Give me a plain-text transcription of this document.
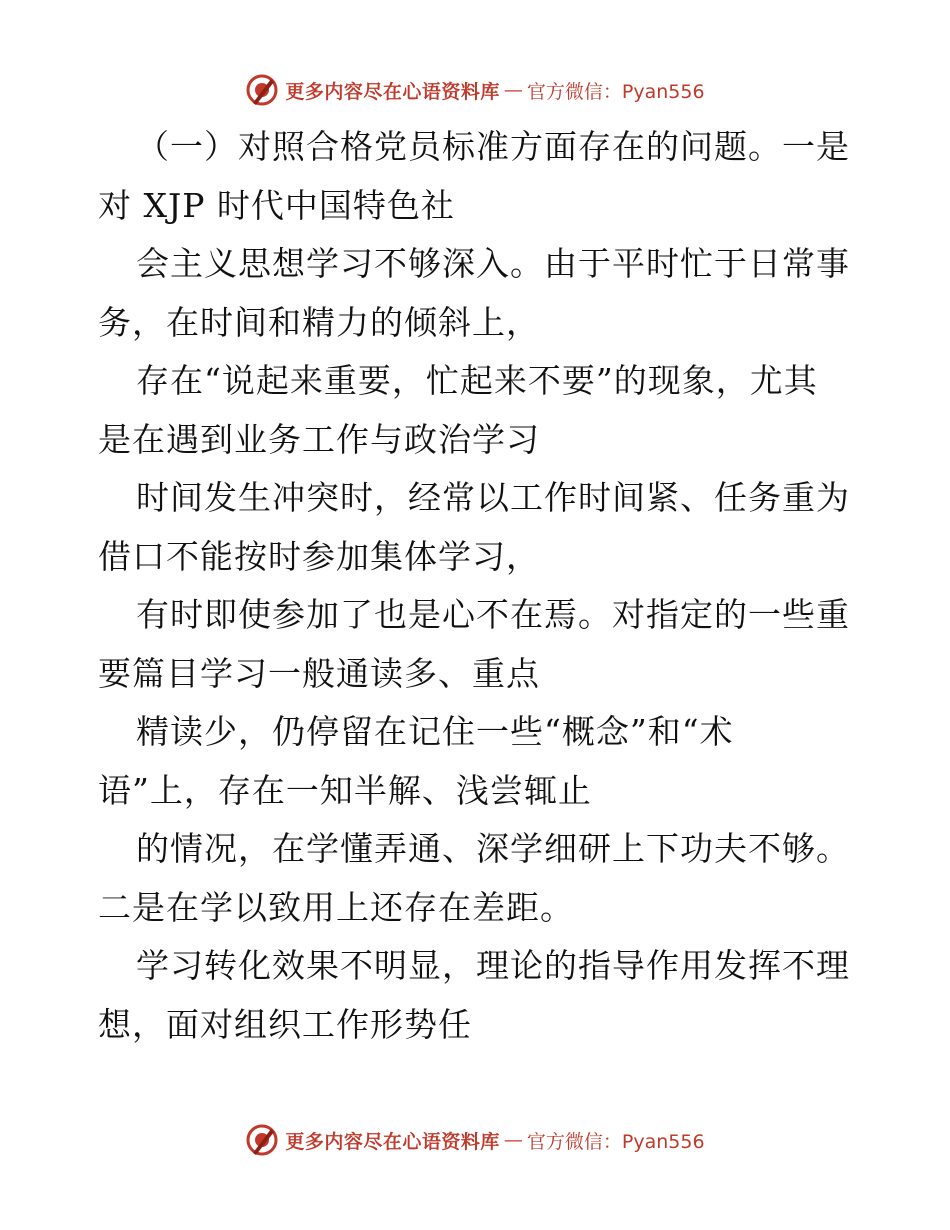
更多内容尽在心语资料库 — 官方微信：Pyan556
（一）对照合格党员标准方面存在的问题。一是
对 XJP 时代中国特色社
会主义思想学习不够深入。由于平时忙于日常事
务，在时间和精力的倾斜上，
存在“说起来重要，忙起来不要”的现象，尤其
是在遇到业务工作与政治学习
时间发生冲突时，经常以工作时间紧、任务重为
借口不能按时参加集体学习，
有时即使参加了也是心不在焉。对指定的一些重
要篇目学习一般通读多、重点
精读少，仍停留在记住一些“概念”和“术
语”上，存在一知半解、浅尝辄止
的情况，在学懂弄通、深学细研上下功夫不够。
二是在学以致用上还存在差距。
学习转化效果不明显，理论的指导作用发挥不理
想，面对组织工作形势任
更多内容尽在心语资料库 — 官方微信：Pyan556
